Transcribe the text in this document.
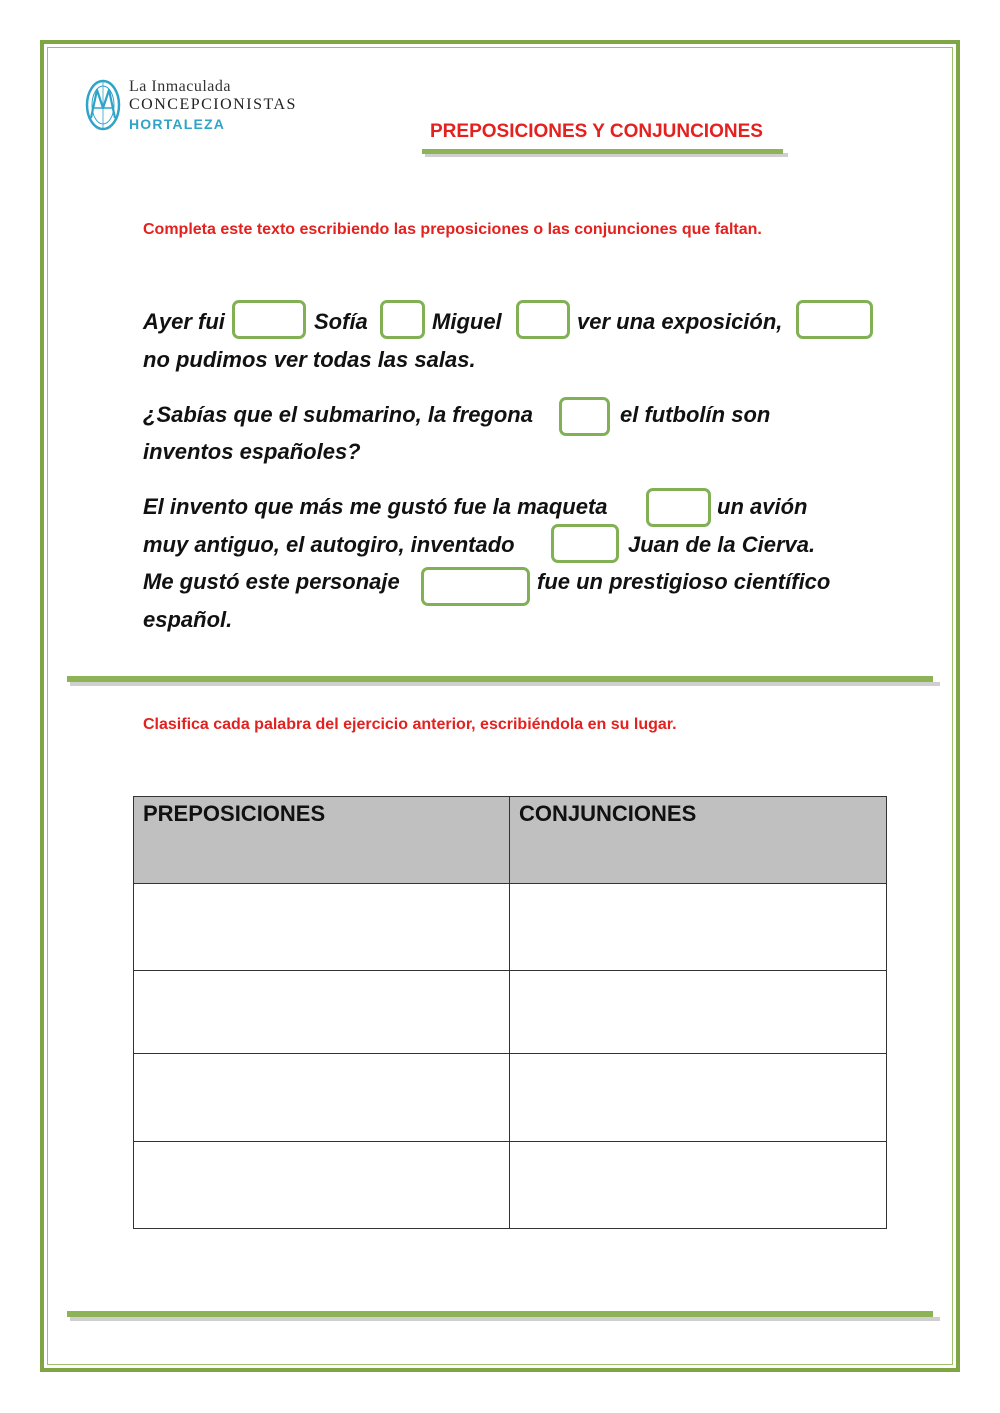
La Inmaculada
CONCEPCIONISTAS
HORTALEZA	PREPOSICIONES Y CONJUNCIONES
Completa este texto escribiendo las preposiciones o las conjunciones que faltan.
Ayer fui	Sofía	Miguel	ver una exposición,
no pudimos ver todas las salas.
¿Sabías que el submarino, la fregona	el futbolín son
inventos españoles?
El invento que más me gustó fue la maqueta	un avión
muy antiguo, el autogiro, inventado	Juan de la Cierva.
Me gustó este personaje	fue un prestigioso científico
español.
Clasifica cada palabra del ejercicio anterior, escribiéndola en su lugar.
PREPOSICIONES	CONJUNCIONES
